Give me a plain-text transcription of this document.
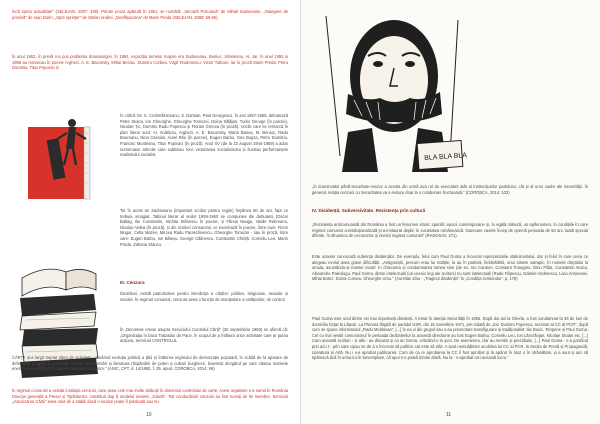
încă sprea actualitate" (SELEJAN, 2007: 430). Printre proza apărută în 1951, se numără: „Nicoară Potcoavă" de Mihail Sadoveanu, „Oaiegere de pomină" de Ioan Dorin, „Spre sprințer" de Ștefan Andrei, „Desfășurarea" de Marin Preda (SELEJAN, 2008: 55-56).

În anul 1952, în presă s-a pus problema dramaturgiei. În 1954, expoziția temelor majore era Sadoveanu, Beniuc, Jebeleanu, Al. Jar. În anul 1955 și 1956 au remarcau în poezie Arghezi, A. E. Baconsky, Mihai Beniuc, Dumitru Corbea, Virgil Teodorescu, Victor Tulbure, iar în proză Marin Preda, Petru Dumitriu, Titus Popovici și

în critică Ov. S. Crohmălniceanu, S. Damian, Paul Georgescu. În anii 1957-1958, debutează Petre Stoica, Ion Gheorghe, Gheorghe Tomozei, Doina Sălăjan, Tudor George (în poezie), Nicolae Țic, Dumitru Radu Popescu și Florian Grecea (în proză). Vocile care se remarcă în plan literar sunt: Al. Andrițoiu, Arghezi, A. E. Baconsky, Maria Banuș, M. Beniuc, Radu Boureanu, Nina Cassian, Aurel Rău (în poezie), Eugen Barbu, Geo Bogza, Petru Dumitriu, Francisc Munteanu, Titus Popovici (în proză). Anul XV (de la 23 august 1944-1959) a adus numeroase articole care subliniau roce victorianea socialismului și ilustrau performanțele realismului socialist.

Tot în acest an Sadoveanu (important scriitor pentru regim) împlinea 80 de ani, fapt ce trebuia omagiat. Tabloul literar al anilor 1959-1960 se compunea din debutanți (Oscar Baltag, Ilie Constantin, Nichita Stănescu în poezie, și Fănuș Neagu, Vasile Rebreanu, Nicolae Velea (în proză), și din scriitori consacrați, ce excelează în poezie, între care: Florin Mugur, Cella Mazen, Mircea Radu Paraschivescu, Gheorghe Tomozei - sau în proză, între care: Eugen Barbu, Ion Băieșu, George Călinescu, Constantin Chiriță, Corneliu Leu, Marin Preda, Zaharia Stancu.

III. Cenzura

Deoblicei, există patrumotive pentru interdicția a cărților: politice, religioase, sexuale și sociale. În regimul comunist, cenzura avea o funcție de manipulare a cetățenilor, de control.

În „Decretele emise asupra Serviciului Controlul Cărții" (20 septembrie 1950) se afirmă că: „Organizația în baza Tratatului de Pace, în scopul de a înlătura orice activitate care ar putea acționa, Serviciul CONTROLUL

CĂRȚII și-a largit treptat sfera de activitate, urmărind evoluția politică a țării și întărirea regimului de democrație populară, în scădă de la aparare de defensare progres și a fascist, mărind reprezentări și literatura răspândirii de puteri a culturii burgheze, boierești dezgând pe care căutau motivele enentreso a-i înfățură în drumul său spre socialism." (ANIC, CPT, d. 14/1950, f. 25, apud. COROBCA, 2014: 59)

În regimul comunist a existat instituția cenzurii, care avea cele mai multe atribuții în domeniul controlului de carte. Acest organism s-a numit în România Direcția generală a Presei și Tipăriturilor, constituit dup ă modelul sovietic „Glavlit". Toți conducătorii cenzurii au fost numiți de lm membre. Serviciul „Autorizarea Cărții" avea rolul de a stabili dacă o lucrare poate fi publicată sau nu.

10
BLA BLA BLA

„În tiruminvatul până-securitate-cenzur a acesta din urmă ava rol de executant atât al instrucțiunilor partidului, cât și al unor cadre ale Securității. În general, relația cenzurii cu Securitatea va s-reduce doar la o colaborare fructuoasă." (COROBCA, 2014: 102)

IV. Disidență. Subversivitate. Rezistența prin cultură

„Rezistența anticomunistă din România a fost un fenomen istoric specific epocii contemporane și, în egală măsură, un epifenomen, în condițiile în care regimul comunist a-instituționalizată și-a-instaurat deplin în societatea românească. Oarecare casele încep de opercă perioada de 50 ani, luată special diferite, în dinamica de ceconomic și nivelul regimul comunist" (RADOSAV, 271).

Este unanim cunoscută suferința disidenților. De exemplu, felul cum Paul Goma a încercat reprezentarile stalinimistului, dar și felul în care ceea ce alegeau evolul avea grave dificultăți. „Antigoniștii, precum erau lui Soltiție, la au în patriotii, fieldinhibitii, unui sistem satrapic, în numele dreptului la umula, asumându-și mantei curarl. In chiscarea și condamnarea lumea sine (de ex. Ion Caraion, Constant Tonegaru, Dinu Pillat, Constantin Noica, Alexandru Paleologu, Paul Goma, dintre intelectuali (un ucenic legi ale scrituni) nu sunt intelectuali (Radu Filipescu, Gabriel Andreescu, Liviu Antonesei, Mihai Botez, Doina Cornea, Gheorghe Ursu." (Aurelian Zisu - „Tragicul disidenței" în „Condiția scriitorului", p. 178)

Paul Goma este unul dintre cei mai importanți disidenți. A intrat în atenția Securității în 1956. După doi ani la Gherla, a fost condamnat la 36 de luni de domiciliu forțat la Lățești. La Plenara lărgită de partidul USR, din 15 noiembrie 1971, pre-zidată de „tov. Dumitru Popescu, secretar al CC al PCR", după cum se spune informatorul „Radu Moldovan", [...] în ea vi din grupul sau s-au prezentare transfigurare și tradiționalist: Ilie Bucic, Tenpene și Paul Goma. Cel cu mai vestiti comunismul în perioada dezbaterilor la această directiune au fost Eugen Barbu, Corneliu Leu, Ion Lăncrănjan, Nicolae Stoian etc. [...] Cam această scriitori - și altii - au discutat și ca au Goma, criticând-o la șuni. De asemenea, clar au mentin și prezidiului. [...] Paul Goma - s-a justificat prin acu t - prin care cipau se de a s încercat să publice cat este să trăit. A avut nemulțămire acultirea lui CC al PCR, la Secția de Presă și Propagandă, Literatura și Artă. Nu i s-a aprobat publicarea. Cum de ca re aprobarea la CC îi fost aprobat și la apărut în tiraz o în străinătate, și a avut și aici să tipărescă ăcă în urma lui în Sevemplare, că apoi s-o poată trimite afară. Nu la - s-aprobat nici această lucru."

11
